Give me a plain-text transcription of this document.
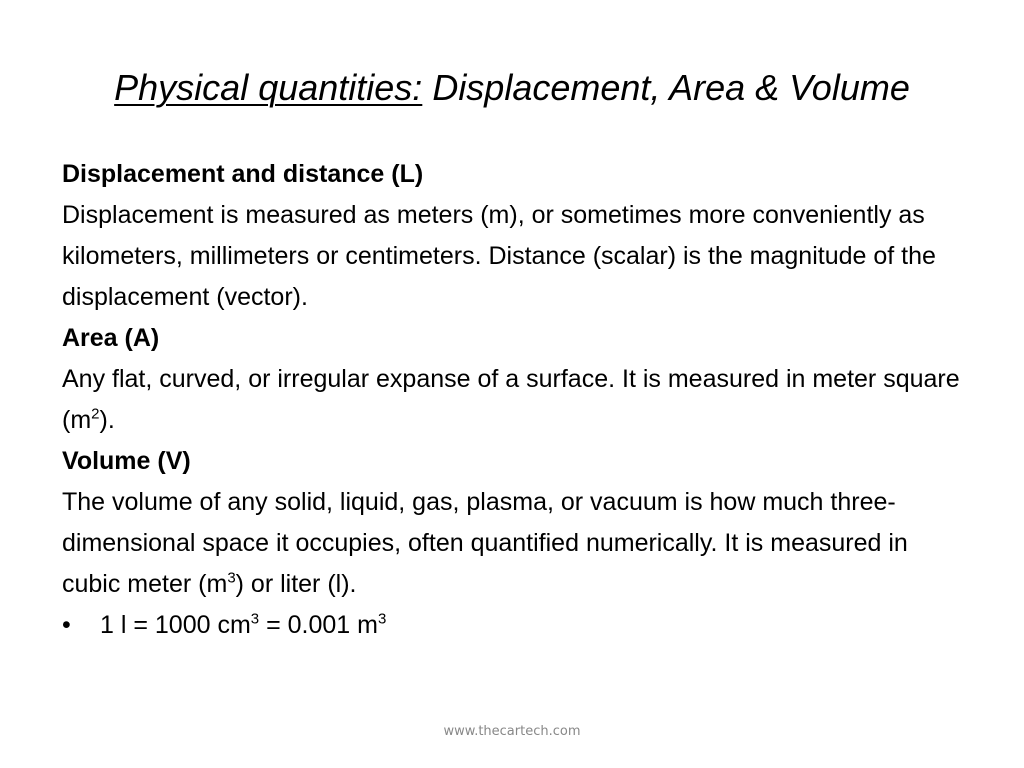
Physical quantities: Displacement, Area & Volume

Displacement and distance (L)

Displacement is measured as meters (m), or sometimes more conveniently as kilometers, millimeters or centimeters. Distance (scalar) is the magnitude of the displacement (vector).

Area (A)

Any flat, curved, or irregular expanse of a surface. It is measured in meter square $(m^2)$.

Volume (V)

The volume of any solid, liquid, gas, plasma, or vacuum is how much three-dimensional space it occupies, often quantified numerically. It is measured in cubic meter $(m^3)$ or liter (l).

•	1 l = 1000 $cm^3 = 0.001$ $m^3$
www.thecartech.com
